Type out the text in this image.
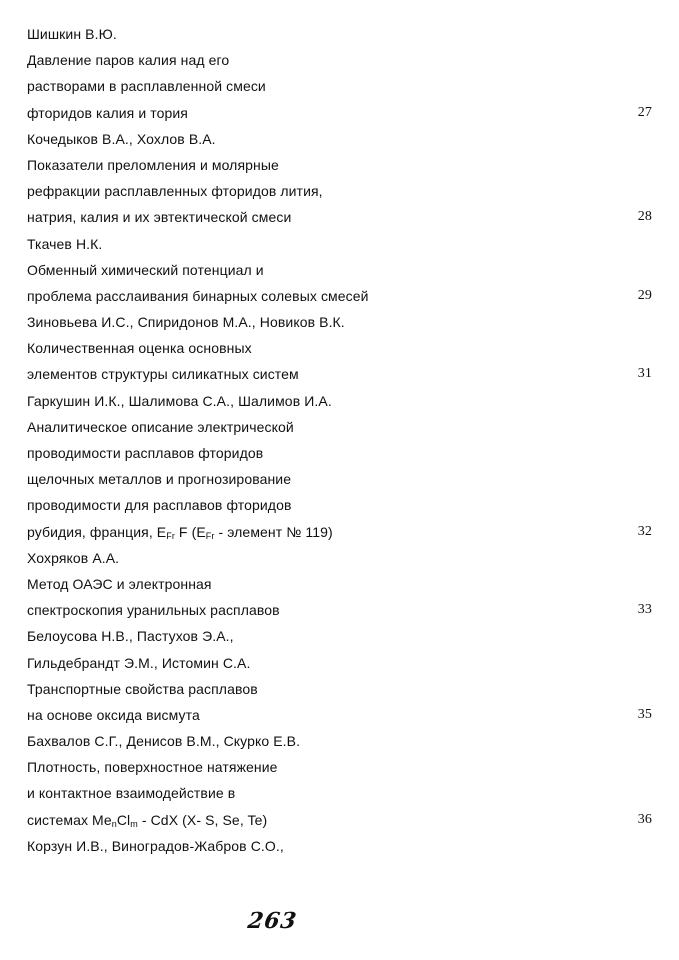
Шишкин В.Ю.
Давление паров калия над его
растворами в расплавленной смеси
фторидов калия и тория	27
Кочедыков В.А., Хохлов В.А.
Показатели преломления и молярные
рефракции расплавленных фторидов лития,
натрия, калия и их эвтектической смеси	28
Ткачев Н.К.
Обменный химический потенциал и
проблема расслаивания бинарных солевых смесей	29
Зиновьева И.С., Спиридонов М.А., Новиков В.К.
Количественная оценка основных
элементов структуры силикатных систем	31
Гаркушин И.К., Шалимова С.А., Шалимов И.А.
Аналитическое описание электрической
проводимости расплавов фторидов
щелочных металлов и прогнозирование
проводимости для расплавов фторидов
рубидия, франция, $E_{Fr}$ F ($E_{Fr}$ - элемент № 119)	32
Хохряков А.А.
Метод ОАЭС и электронная
спектроскопия уранильных расплавов	33
Белоусова Н.В., Пастухов Э.А.,
Гильдебрандт Э.М., Истомин С.А.
Транспортные свойства расплавов
на основе оксида висмута	35
Бахвалов С.Г., Денисов В.М., Скурко Е.В.
Плотность, поверхностное натяжение
и контактное взаимодействие в
системах $Me_nCl_m$ - CdX (X- S, Se, Te)	36
Корзун И.В., Виноградов-Жабров С.О.,
263
